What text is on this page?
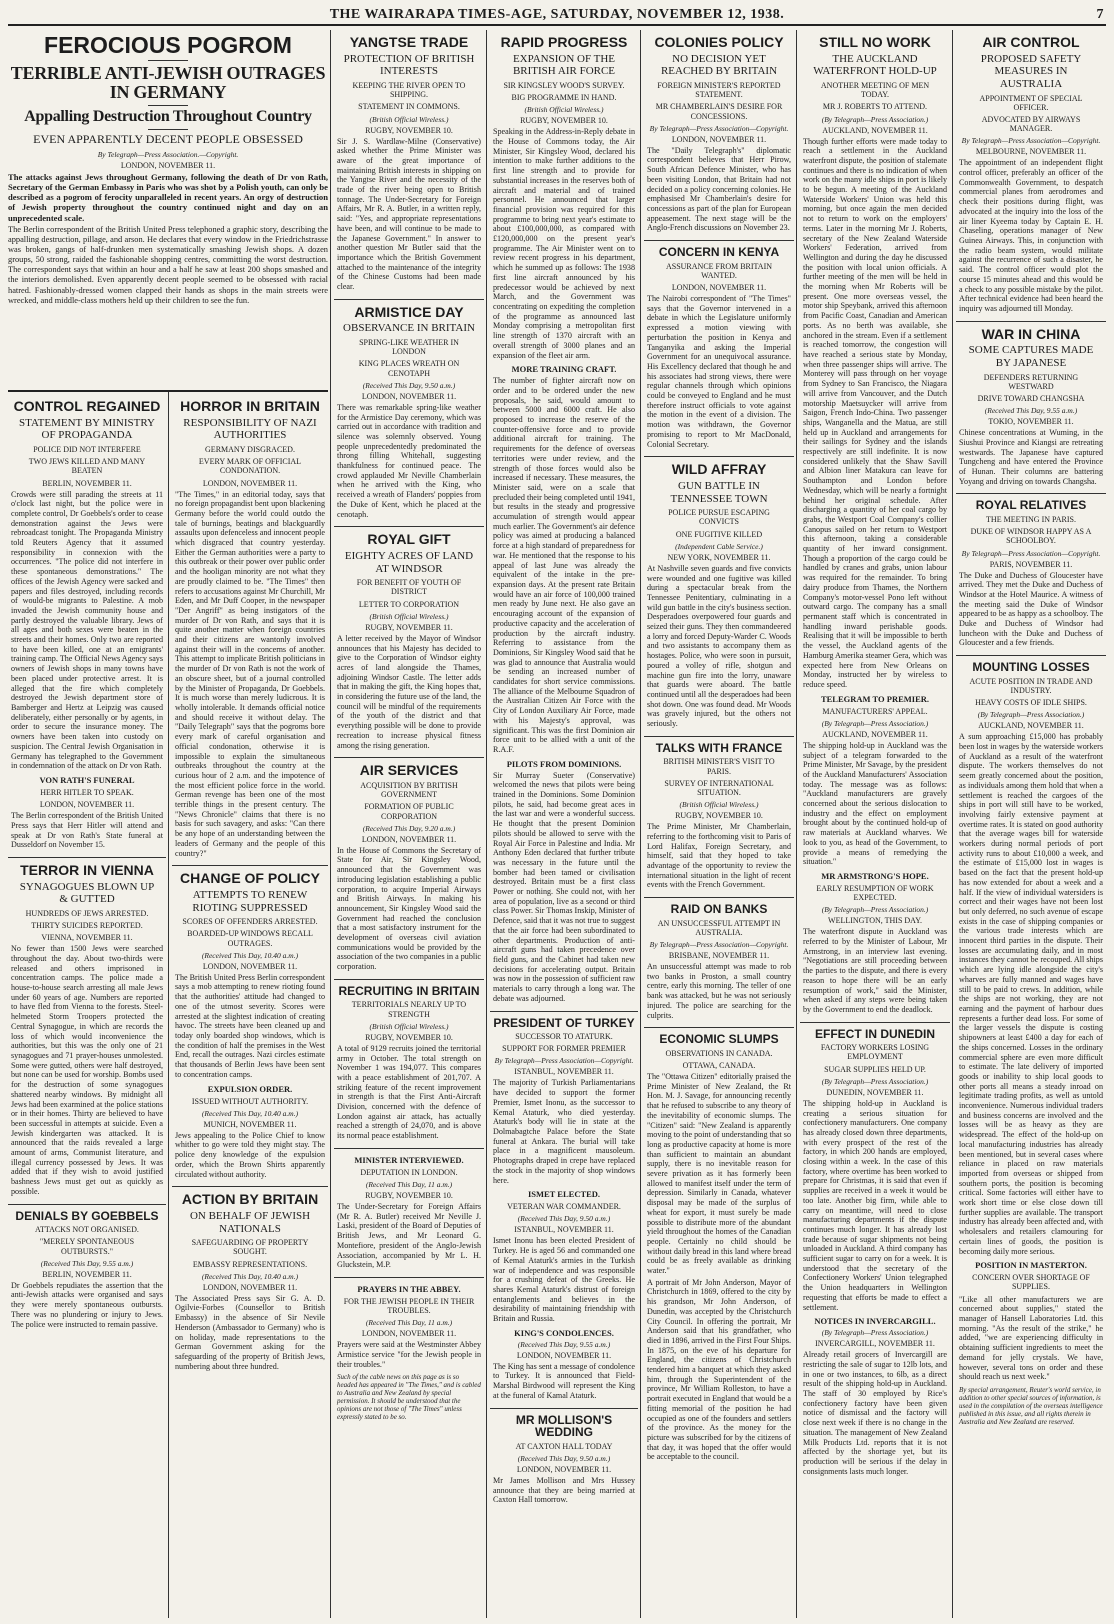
THE WAIRARAPA TIMES-AGE, SATURDAY, NOVEMBER 12, 1938.	7
FEROCIOUS POGROM
TERRIBLE ANTI-JEWISH OUTRAGES IN GERMANY
Appalling Destruction Throughout Country
EVEN APPARENTLY DECENT PEOPLE OBSESSED
By Telegraph—Press Association.—Copyright.
LONDON, NOVEMBER 11.
The attacks against Jews throughout Germany, following the death of Dr von Rath, Secretary of the German Embassy in Paris who was shot by a Polish youth, can only be described as a pogrom of ferocity unparalleled in recent years. An orgy of destruction of Jewish property throughout the country continued night and day on an unprecedented scale.
The Berlin correspondent of the British United Press telephoned a graphic story, describing the appalling destruction, pillage, and arson. He declares that every window in the Friedrichstrasse was broken, gangs of half-drunken men systematically smashing Jewish shops. A dozen groups, 50 strong, raided the fashionable shopping centres, committing the worst destruction. The correspondent says that within an hour and a half he saw at least 200 shops smashed and the interiors demolished. Even apparently decent people seemed to be obsessed with racial hatred. Fashionably-dressed women clapped their hands as shops in the main streets were wrecked, and middle-class mothers held up their children to see the fun.
CONTROL REGAINED
STATEMENT BY MINISTRY OF PROPAGANDA
POLICE DID NOT INTERFERE
TWO JEWS KILLED AND MANY BEATEN
BERLIN, NOVEMBER 11.
Crowds were still parading the streets at 11 o'clock last night, but the police were in complete control, Dr Goebbels's order to cease demonstration against the Jews were rebroadcast tonight. The Propaganda Ministry told Reuters Agency that it assumed responsibility in connexion with the occurrences. "The police did not interfere in these spontaneous demonstrations." The offices of the Jewish Agency were sacked and papers and files destroyed, including records of would-be migrants to Palestine. A mob invaded the Jewish community house and partly destroyed the valuable library. Jews of all ages and both sexes were beaten in the streets and their homes. Only two are reported to have been killed, one at an emigrants' training camp. The Official News Agency says owners of Jewish shops in many towns have been placed under protective arrest. It is alleged that the fire which completely destroyed the Jewish department store of Bamberger and Hertz at Leipzig was caused deliberately, either personally or by agents, in order to secure the insurance money. The owners have been taken into custody on suspicion. The Central Jewish Organisation in Germany has telegraphed to the Government in condemnation of the attack on Dr von Rath.
VON RATH'S FUNERAL
HERR HITLER TO SPEAK.
LONDON, NOVEMBER 11.
The Berlin correspondent of the British United Press says that Herr Hitler will attend and speak at Dr von Rath's State funeral at Dusseldorf on November 15.
TERROR IN VIENNA
SYNAGOGUES BLOWN UP & GUTTED
HUNDREDS OF JEWS ARRESTED.
THIRTY SUICIDES REPORTED.
VIENNA, NOVEMBER 11.
No fewer than 1500 Jews were searched throughout the day. About two-thirds were released and others imprisoned in concentration camps. The police made a house-to-house search arresting all male Jews under 60 years of age. Numbers are reported to have fled from Vienna to the forests. Steel-helmeted Storm Troopers protected the Central Synagogue, in which are records the loss of which would inconvenience the authorities, but this was the only one of 21 synagogues and 71 prayer-houses unmolested. Some were gutted, others were half destroyed, but none can be used for worship. Bombs used for the destruction of some synagogues shattered nearby windows. By midnight all Jews had been exarmined at the police stations or in their homes. Thirty are believed to have been successful in attempts at suicide. Even a Jewish kindergarten was attacked. It is announced that the raids revealed a large amount of arms, Communist literature, and illegal currency possessed by Jews. It was added that if they wish to avoid justified bashness Jews must get out as quickly as possible.
DENIALS BY GOEBBELS
ATTACKS NOT ORGANISED.
"MERELY SPONTANEOUS OUTBURSTS."
(Received This Day, 9.55 a.m.)
BERLIN, NOVEMBER 11.
Dr Goebbels repudiates the assertion that the anti-Jewish attacks were organised and says they were merely spontaneous outbursts. There was no plundering or injury to Jews. The police were instructed to remain passive.
HORROR IN BRITAIN
RESPONSIBILITY OF NAZI AUTHORITIES
GERMANY DISGRACED.
EVERY MARK OF OFFICIAL CONDONATION.
LONDON, NOVEMBER 11.
"The Times," in an editorial today, says that no foreign propagandist bent upon blackening Germany before the world could outdo the tale of burnings, beatings and blackguardly assaults upon defenceless and innocent people which disgraced that country yesterday. Either the German authorities were a party to this outbreak or their power over public order and the hooligan minority are not what they are proudly claimed to be. "The Times" then refers to accusations against Mr Churchill, Mr Eden, and Mr Duff Cooper, in the newspaper "Der Angriff" as being instigators of the murder of Dr von Rath, and says that it is quite another matter when foreign countries and their citizens are wantonly involved against their will in the concerns of another. This attempt to implicate British politicians in the murder of Dr von Rath is not the work of an obscure sheet, but of a journal controlled by the Minister of Propaganda, Dr Goebbels. It is much worse than merely ludicrous. It is wholly intolerable. It demands official notice and should receive it without delay. The "Daily Telegraph" says that the pogroms bore every mark of careful organisation and official condonation, otherwise it is impossible to explain the simultaneous outbreaks throughout the country at the curious hour of 2 a.m. and the impotence of the most efficient police force in the world. German revenge has been one of the most terrible things in the present century. The "News Chronicle" claims that there is no basis for such savagery, and asks: "Can there be any hope of an understanding between the leaders of Germany and the people of this country?"
CHANGE OF POLICY
ATTEMPTS TO RENEW RIOTING SUPPRESSED
SCORES OF OFFENDERS ARRESTED.
BOARDED-UP WINDOWS RECALL OUTRAGES.
(Received This Day, 10.40 a.m.)
LONDON, NOVEMBER 11.
The British United Press Berlin correspondent says a mob attempting to renew rioting found that the authorities' attitude had changed to one of the utmost severity. Scores were arrested at the slightest indication of creating havoc. The streets have been cleaned up and today only boarded shop windows, which is the condition of half the premises in the West End, recall the outrages. Nazi circles estimate that thousands of Berlin Jews have been sent to concentration camps.
EXPULSION ORDER.
ISSUED WITHOUT AUTHORITY.
(Received This Day, 10.40 a.m.)
MUNICH, NOVEMBER 11.
Jews appealing to the Police Chief to know whither to go were told they might stay. The police deny knowledge of the expulsion order, which the Brown Shirts apparently circulated without authority.
ACTION BY BRITAIN
ON BEHALF OF JEWISH NATIONALS
SAFEGUARDING OF PROPERTY SOUGHT.
EMBASSY REPRESENTATIONS.
(Received This Day, 10.40 a.m.)
LONDON, NOVEMBER 11.
The Associated Press says Sir G. A. D. Ogilvie-Forbes (Counsellor to British Embassy) in the absence of Sir Nevile Henderson (Ambassador to Germany) who is on holiday, made representations to the German Government asking for the safeguarding of the property of British Jews, numbering about three hundred.
YANGTSE TRADE
PROTECTION OF BRITISH INTERESTS
KEEPING THE RIVER OPEN TO SHIPPING.
STATEMENT IN COMMONS.
(British Official Wireless.)
RUGBY, NOVEMBER 10.
Sir J. S. Wardlaw-Milne (Conservative) asked whether the Prime Minister was aware of the great importance of maintaining British interests in shipping on the Yangtse River and the necessity of the trade of the river being open to British tonnage. The Under-Secretary for Foreign Affairs, Mr R. A. Butler, in a written reply, said: "Yes, and appropriate representations have been, and will continue to be made to the Japanese Government." In answer to another question Mr Butler said that the importance which the British Government attached to the maintenance of the integrity of the Chinese Customs had been made clear.
ARMISTICE DAY
OBSERVANCE IN BRITAIN
SPRING-LIKE WEATHER IN LONDON
KING PLACES WREATH ON CENOTAPH
(Received This Day, 9.50 a.m.)
LONDON, NOVEMBER 11.
There was remarkable spring-like weather for the Armistice Day ceremony, which was carried out in accordance with tradition and silence was solemnly observed. Young people unprecedentedly predominated the throng filling Whitehall, suggesting thankfulness for continued peace. The crowd applauded Mr Neville Chamberlain when he arrived with the King, who received a wreath of Flanders' poppies from the Duke of Kent, which he placed at the cenotaph.
ROYAL GIFT
EIGHTY ACRES OF LAND AT WINDSOR
FOR BENEFIT OF YOUTH OF DISTRICT
LETTER TO CORPORATION
(British Official Wireless.)
RUGBY, NOVEMBER 11.
A letter received by the Mayor of Windsor announces that his Majesty has decided to give to the Corporation of Windsor eighty acres of land alongside the Thames, adjoining Windsor Castle. The letter adds that in making the gift, the King hopes that, in considering the future use of the land, the council will be mindful of the requirements of the youth of the district and that everything possible will be done to provide recreation to increase physical fitness among the rising generation.
AIR SERVICES
ACQUISITION BY BRITISH GOVERNMENT
FORMATION OF PUBLIC CORPORATION
(Received This Day, 9.20 a.m.)
LONDON, NOVEMBER 11.
In the House of Commons the Secretary of State for Air, Sir Kingsley Wood, announced that the Government was introducing legislation establishing a public corporation, to acquire Imperial Airways and British Airways. In making his announcement, Sir Kingsley Wood said the Government had reached the conclusion that a most satisfactory instrument for the development of overseas civil aviation communications would be provided by the association of the two companies in a public corporation.
RECRUITING IN BRITAIN
TERRITORIALS NEARLY UP TO STRENGTH
(British Official Wireless.)
RUGBY, NOVEMBER 10.
A total of 9129 recruits joined the territorial army in October. The total strength on November 1 was 194,077. This compares with a peace establishment of 201,707. A striking feature of the recent improvement in strength is that the First Anti-Aircraft Division, concerned with the defence of London against air attack, has actually reached a strength of 24,070, and is above its normal peace establishment.
MINISTER INTERVIEWED.
DEPUTATION IN LONDON.
(Received This Day, 11 a.m.)
RUGBY, NOVEMBER 10.
The Under-Secretary for Foreign Affairs (Mr R. A. Butler) received Mr Neville J. Laski, president of the Board of Deputies of British Jews, and Mr Leonard G. Montefiore, president of the Anglo-Jewish Association, accompanied by Mr L. H. Gluckstein, M.P.
PRAYERS IN THE ABBEY.
FOR THE JEWISH PEOPLE IN THEIR TROUBLES.
(Received This Day, 11 a.m.)
LONDON, NOVEMBER 11.
Prayers were said at the Westminster Abbey Armistice service "for the Jewish people in their troubles."
Such of the cable news on this page as is so headed has appeared in "The Times," and is cabled to Australia and New Zealand by special permission. It should be understood that the opinions are not those of "The Times" unless expressly stated to be so.
RAPID PROGRESS
EXPANSION OF THE BRITISH AIR FORCE
SIR KINGSLEY WOOD'S SURVEY.
BIG PROGRAMME IN HAND.
(British Official Wireless.)
RUGBY, NOVEMBER 10.
Speaking in the Address-in-Reply debate in the House of Commons today, the Air Minister, Sir Kingsley Wood, declared his intention to make further additions to the first line strength and to provide for substantial increases in the reserves both of aircraft and material and of trained personnel. He announced that larger financial provision was required for this programme to bring next year's estimate to about £100,000,000, as compared with £120,000,000 on the present year's programme. The Air Minister went on to review recent progress in his department, which he summed up as follows: The 1938 first line aircraft announced by his predecessor would be achieved by next March, and the Government was concentrating on expediting the completion of the programme as announced last Monday comprising a metropolitan first line strength of 1370 aircraft with an overall strength of 3000 planes and an expansion of the fleet air arm.
MORE TRAINING CRAFT.
The number of fighter aircraft now on order and to be ordered under the new proposals, he said, would amount to between 5000 and 6000 craft. He also proposed to increase the reserve of the counter-offensive force and to provide additional aircraft for training. The requirements for the defence of overseas territories were under review, and the strength of those forces would also be increased if necessary. These measures, the Minister said, were on a scale that precluded their being completed until 1941, but results in the steady and progressive accumulation of strength would appear much earlier. The Government's air defence policy was aimed at producing a balanced force at a high standard of preparedness for war. He mentioned that the response to his appeal of last June was already the equivalent of the intake in the pre-expansion days. At the present rate Britain would have an air force of 100,000 trained men ready by June next. He also gave an encouraging account of the expansion of productive capacity and the acceleration of production by the aircraft industry. Referring to assistance from the Dominions, Sir Kingsley Wood said that he was glad to announce that Australia would be sending an increased number of candidates for short service commissions. The alliance of the Melbourne Squadron of the Australian Citizen Air Force with the City of London Auxiliary Air Force, made with his Majesty's approval, was significant. This was the first Dominion air force unit to be allied with a unit of the R.A.F.
PILOTS FROM DOMINIONS.
Sir Murray Sueter (Conservative) welcomed the news that pilots were being trained in the Dominions. Some Dominion pilots, he said, had become great aces in the last war and were a wonderful success. He thought that the present Dominion pilots should be allowed to serve with the Royal Air Force in Palestine and India. Mr Anthony Eden declared that further tribute was necessary in the future until the bomber had been tamed or civilisation destroyed. Britain must be a first class Power or nothing. She could not, with her area of population, live as a second or third class Power. Sir Thomas Inskip, Minister of Defence, said that it was not true to suggest that the air force had been subordinated to other departments. Production of anti-aircraft guns had taken precedence over field guns, and the Cabinet had taken new decisions for accelerating output. Britain was now in the possession of sufficient raw materials to carry through a long war. The debate was adjourned.
PRESIDENT OF TURKEY
SUCCESSOR TO ATATURK.
SUPPORT FOR FORMER PREMIER
By Telegraph—Press Association—Copyright.
ISTANBUL, NOVEMBER 11.
The majority of Turkish Parliamentarians have decided to support the former Premier, Ismet Inonu, as the successor to Kemal Ataturk, who died yesterday. Ataturk's body will lie in state at the Dolmabagtche Palace before the State funeral at Ankara. The burial will take place in a magnificent mausoleum. Photographs draped in crepe have replaced the stock in the majority of shop windows here.
ISMET ELECTED.
VETERAN WAR COMMANDER.
(Received This Day, 9.50 a.m.)
ISTANBUL, NOVEMBER 11.
Ismet Inonu has been elected President of Turkey. He is aged 56 and commanded one of Kemal Ataturk's armies in the Turkish war of independence and was responsible for a crushing defeat of the Greeks. He shares Kemal Ataturk's distrust of foreign entanglements and believes in the desirability of maintaining friendship with Britain and Russia.
KING'S CONDOLENCES.
(Received This Day, 9.55 a.m.)
LONDON, NOVEMBER 11.
The King has sent a message of condolence to Turkey. It is announced that Field-Marshal Birdwood will represent the King at the funeral of Kamal Ataturk.
MR MOLLISON'S WEDDING
AT CAXTON HALL TODAY
(Received This Day, 9.50 a.m.)
LONDON, NOVEMBER 11.
Mr James Mollison and Mrs Hussey announce that they are being married at Caxton Hall tomorrow.
COLONIES POLICY
NO DECISION YET REACHED BY BRITAIN
FOREIGN MINISTER'S REPORTED STATEMENT.
MR CHAMBERLAIN'S DESIRE FOR CONCESSIONS.
By Telegraph—Press Association—Copyright.
LONDON, NOVEMBER 11.
The "Daily Telegraph's" diplomatic correspondent believes that Herr Pirow, South African Defence Minister, who has been visiting London, that Britain had not decided on a policy concerning colonies. He emphasised Mr Chamberlain's desire for concessions as part of the plan for European appeasement. The next stage will be the Anglo-French discussions on November 23.
CONCERN IN KENYA
ASSURANCE FROM BRITAIN WANTED.
LONDON, NOVEMBER 11.
The Nairobi correspondent of "The Times" says that the Governor intervened in a debate in which the Legislature uniformly expressed a motion viewing with perturbation the position in Kenya and Tanganyika and asking the Imperial Government for an unequivocal assurance. His Excellency declared that though he and his associates had strong views, there were regular channels through which opinions could be conveyed to England and he must therefore instruct officials to vote against the motion in the event of a division. The motion was withdrawn, the Governor promising to report to Mr MacDonald, Colonial Secretary.
WILD AFFRAY
GUN BATTLE IN TENNESSEE TOWN
POLICE PURSUE ESCAPING CONVICTS
ONE FUGITIVE KILLED
(Independent Cable Service.)
NEW YORK, NOVEMBER 11.
At Nashville seven guards and five convicts were wounded and one fugitive was killed during a spectacular break from the Tennessee Penitentiary, culminating in a wild gun battle in the city's business section. Desperadoes overpowered four guards and seized their guns. They then commandeered a lorry and forced Deputy-Warder C. Woods and two assistants to accompany them as hostages. Police, who were soon in pursuit, poured a volley of rifle, shotgun and machine gun fire into the lorry, unaware that guards were aboard. The battle continued until all the desperadoes had been shot down. One was found dead. Mr Woods was gravely injured, but the others not seriously.
TALKS WITH FRANCE
BRITISH MINISTER'S VISIT TO PARIS.
SURVEY OF INTERNATIONAL SITUATION.
(British Official Wireless.)
RUGBY, NOVEMBER 10.
The Prime Minister, Mr Chamberlain, referring to the forthcoming visit to Paris of Lord Halifax, Foreign Secretary, and himself, said that they hoped to take advantage of the opportunity to review the international situation in the light of recent events with the French Government.
RAID ON BANKS
AN UNSUCCESSFUL ATTEMPT IN AUSTRALIA.
By Telegraph—Press Association—Copyright.
BRISBANE, NOVEMBER 11.
An unsuccessful attempt was made to rob two banks in Proston, a small country centre, early this morning. The teller of one bank was attacked, but he was not seriously injured. The police are searching for the culprits.
ECONOMIC SLUMPS
OBSERVATIONS IN CANADA.
OTTAWA, CANADA.
The "Ottawa Citizen" editorially praised the Prime Minister of New Zealand, the Rt Hon. M. J. Savage, for announcing recently that he refused to subscribe to any theory of the inevitability of economic slumps. The "Citizen" said: "New Zealand is apparently moving to the point of understanding that so long as productive capacity at home is more than sufficient to maintain an abundant supply, there is no inevitable reason for severe privation as it has formerly been allowed to manifest itself under the term of depression. Similarly in Canada, whatever disposal may be made of the surplus of wheat for export, it must surely be made possible to distribute more of the abundant yield throughout the homes of the Canadian people. Certainly no child should be without daily bread in this land where bread could be as freely available as drinking water."
A portrait of Mr John Anderson, Mayor of Christchurch in 1869, offered to the city by his grandson, Mr John Anderson, of Dunedin, was accepted by the Christchurch City Council. In offering the portrait, Mr Anderson said that his grandfather, who died in 1896, arrived in the First Four Ships. In 1875, on the eve of his departure for England, the citizens of Christchurch tendered him a banquet at which they asked him, through the Superintendent of the province, Mr William Rolleston, to have a portrait executed in England that would be a fitting memorial of the position he had occupied as one of the founders and settlers of the province. As the money for the picture was subscribed for by the citizens of that day, it was hoped that the offer would be acceptable to the council.
STILL NO WORK
THE AUCKLAND WATERFRONT HOLD-UP
ANOTHER MEETING OF MEN TODAY.
MR J. ROBERTS TO ATTEND.
(By Telegraph—Press Association.)
AUCKLAND, NOVEMBER 11.
Though further efforts were made today to reach a settlement in the Auckland waterfront dispute, the position of stalemate continues and there is no indication of when work on the many idle ships in port is likely to be begun. A meeting of the Auckland Waterside Workers' Union was held this morning, but once again the men decided not to return to work on the employers' terms. Later in the morning Mr J. Roberts, secretary of the New Zealand Waterside Workers' Federation, arrived from Wellington and during the day he discussed the position with local union officials. A further meeting of the men will be held in the morning when Mr Roberts will be present. One more overseas vessel, the motor ship Speybank, arrived this afternoon from Pacific Coast, Canadian and American ports. As no berth was available, she anchored in the stream. Even if a settlement is reached tomorrow, the congestion will have reached a serious state by Monday, when three passenger ships will arrive. The Monterey will pass through on her voyage from Sydney to San Francisco, the Niagara will arrive from Vancouver, and the Dutch motorship Maetsuycker will arrive from Saigon, French Indo-China. Two passenger ships, Wanganella and the Matua, are still held up in Auckland and arrangements for their sailings for Sydney and the islands respectively are still indefinite. It is now considered unlikely that the Shaw Savill and Albion liner Matakura can leave for Southampton and London before Wednesday, which will be nearly a fortnight behind her original schedule. After discharging a quantity of her coal cargo by grabs, the Westport Coal Company's collier Canopus sailed on her return to Westport this afternoon, taking a considerable quantity of her inward consignment. Though a proportion of the cargo could be handled by cranes and grabs, union labour was required for the remainder. To bring dairy produce from Thames, the Northern Company's motor-vessel Pono left without outward cargo. The company has a small permanent staff which is concentrated in handling inward perishable goods. Realising that it will be impossible to berth the vessel, the Auckland agents of the Hamburg Amerika steamer Gera, which was expected here from New Orleans on Monday, instructed her by wireless to reduce speed.
TELEGRAM TO PREMIER.
MANUFACTURERS' APPEAL.
(By Telegraph—Press Association.)
AUCKLAND, NOVEMBER 11.
The shipping hold-up in Auckland was the subject of a telegram forwarded to the Prime Minister, Mr Savage, by the president of the Auckland Manufacturers' Association today. The message was as follows: "Auckland manufacturers are gravely concerned about the serious dislocation to industry and the effect on employment brought about by the continued hold-up of raw materials at Auckland wharves. We look to you, as head of the Government, to provide a means of remedying the situation."
MR ARMSTRONG'S HOPE.
EARLY RESUMPTION OF WORK EXPECTED.
(By Telegraph—Press Association.)
WELLINGTON, THIS DAY.
The waterfront dispute in Auckland was referred to by the Minister of Labour, Mr Armstrong, in an interview last evening. "Negotiations are still proceeding between the parties to the dispute, and there is every reason to hope there will be an early resumption of work," said the Minister, when asked if any steps were being taken by the Government to end the deadlock.
EFFECT IN DUNEDIN
FACTORY WORKERS LOSING EMPLOYMENT
SUGAR SUPPLIES HELD UP.
(By Telegraph—Press Association.)
DUNEDIN, NOVEMBER 11.
The shipping hold-up in Auckland is creating a serious situation for confectionery manufacturers. One company has already closed down three departments, with every prospect of the rest of the factory, in which 200 hands are employed, closing within a week. In the case of this factory, where overtime has been worked to prepare for Christmas, it is said that even if supplies are received in a week it would be too late. Another big firm, while able to carry on meantime, will need to close manufacturing departments if the dispute continues much longer. It has already lost trade because of sugar shipments not being unloaded in Auckland. A third company has sufficient sugar to carry on for a week. It is understood that the secretary of the Confectionery Workers' Union telegraphed the Union headquarters in Wellington requesting that efforts be made to effect a settlement.
NOTICES IN INVERCARGILL.
(By Telegraph—Press Association.)
INVERCARGILL, NOVEMBER 11.
Already retail grocers of Invercargill are restricting the sale of sugar to 12lb lots, and in one or two instances, to 6lb, as a direct result of the shipping hold-up in Auckland. The staff of 30 employed by Rice's confectionery factory have been given notice of dismissal and the factory will close next week if there is no change in the situation. The management of New Zealand Milk Products Ltd. reports that it is not affected by the shortage yet, but its production will be serious if the delay in consignments lasts much longer.
AIR CONTROL
PROPOSED SAFETY MEASURES IN AUSTRALIA
APPOINTMENT OF SPECIAL OFFICER.
ADVOCATED BY AIRWAYS MANAGER.
By Telegraph—Press Association—Copyright.
MELBOURNE, NOVEMBER 11.
The appointment of an independent flight control officer, preferably an officer of the Commonwealth Government, to despatch commercial planes from aerodromes and check their positions during flight, was advocated at the inquiry into the loss of the air liner Kyeema today by Captain E. H. Chaseling, operations manager of New Guinea Airways. This, in conjunction with the radio beam system, would militate against the recurrence of such a disaster, he said. The control officer would plot the course 15 minutes ahead and this would be a check to any possible mistake by the pilot. After technical evidence had been heard the inquiry was adjourned till Monday.
WAR IN CHINA
SOME CAPTURES MADE BY JAPANESE
DEFENDERS RETURNING WESTWARD
DRIVE TOWARD CHANGSHA
(Received This Day, 9.55 a.m.)
TOKIO, NOVEMBER 11.
Chinese concentrations at Wuming, in the Siushui Province and Kiangsi are retreating westwards. The Japanese have captured Tungcheng and have entered the Province of Hunan. Their columns are battering Yoyang and driving on towards Changsha.
ROYAL RELATIVES
THE MEETING IN PARIS.
DUKE OF WINDSOR HAPPY AS A SCHOOLBOY.
By Telegraph—Press Association—Copyright.
PARIS, NOVEMBER 11.
The Duke and Duchess of Gloucester have arrived. They met the Duke and Duchess of Windsor at the Hotel Maurice. A witness of the meeting said the Duke of Windsor appeared to be as happy as a schoolboy. The Duke and Duchess of Windsor had luncheon with the Duke and Duchess of Gloucester and a few friends.
MOUNTING LOSSES
ACUTE POSITION IN TRADE AND INDUSTRY.
HEAVY COSTS OF IDLE SHIPS.
(By Telegraph—Press Association.)
AUCKLAND, NOVEMBER 11.
A sum approaching £15,000 has probably been lost in wages by the waterside workers of Auckland as a result of the waterfront dispute. The workers themselves do not seem greatly concerned about the position, as individuals among them hold that when a settlement is reached the cargoes of the ships in port will still have to be worked, involving fairly extensive payment at overtime rates. It is stated on good authority that the average wages bill for waterside workers during normal periods of port activity runs to about £10,000 a week, and the estimate of £15,000 lost in wages is based on the fact that the present hold-up has now extended for about a week and a half. If the view of individual watersiders is correct and their wages have not been lost but only deferred, no such avenue of escape exists in the case of shipping companies or the various trade interests which are innocent third parties in the dispute. Their losses are accumulating daily, and in most instances they cannot be recouped. All ships which are lying idle alongside the city's wharves are fully manned and wages have still to be paid to crews. In addition, while the ships are not working, they are not earning and the payment of harbour dues represents a further dead loss. For some of the larger vessels the dispute is costing shipowners at least £400 a day for each of the ships concerned. Losses in the ordinary commercial sphere are even more difficult to estimate. The late delivery of imported goods or inability to ship local goods to other ports all means a steady inroad on legitimate trading profits, as well as untold inconvenience. Numerous individual traders and business concerns are involved and the losses will be as heavy as they are widespread. The effect of the hold-up on local manufacturing industries has already been mentioned, but in several cases where reliance in placed on raw materials imported from overseas or shipped from southern ports, the position is becoming critical. Some factories will either have to work short time or else close down till further supplies are available. The transport industry has already been affected and, with wholesalers and retailers clamouring for certain lines of goods, the position is becoming daily more serious.
POSITION IN MASTERTON.
CONCERN OVER SHORTAGE OF SUPPLIES.
"Like all other manufacturers we are concerned about supplies," stated the manager of Hansell Laboratories Ltd. this morning. "As the result of the strike," he added, "we are experiencing difficulty in obtaining sufficient ingredients to meet the demand for jelly crystals. We have, however, several tons on order and these should reach us next week."
By special arrangement, Reuter's world service, in addition to other special sources of information, is used in the compilation of the overseas intelligence published in this issue, and all rights therein in Australia and New Zealand are reserved.
